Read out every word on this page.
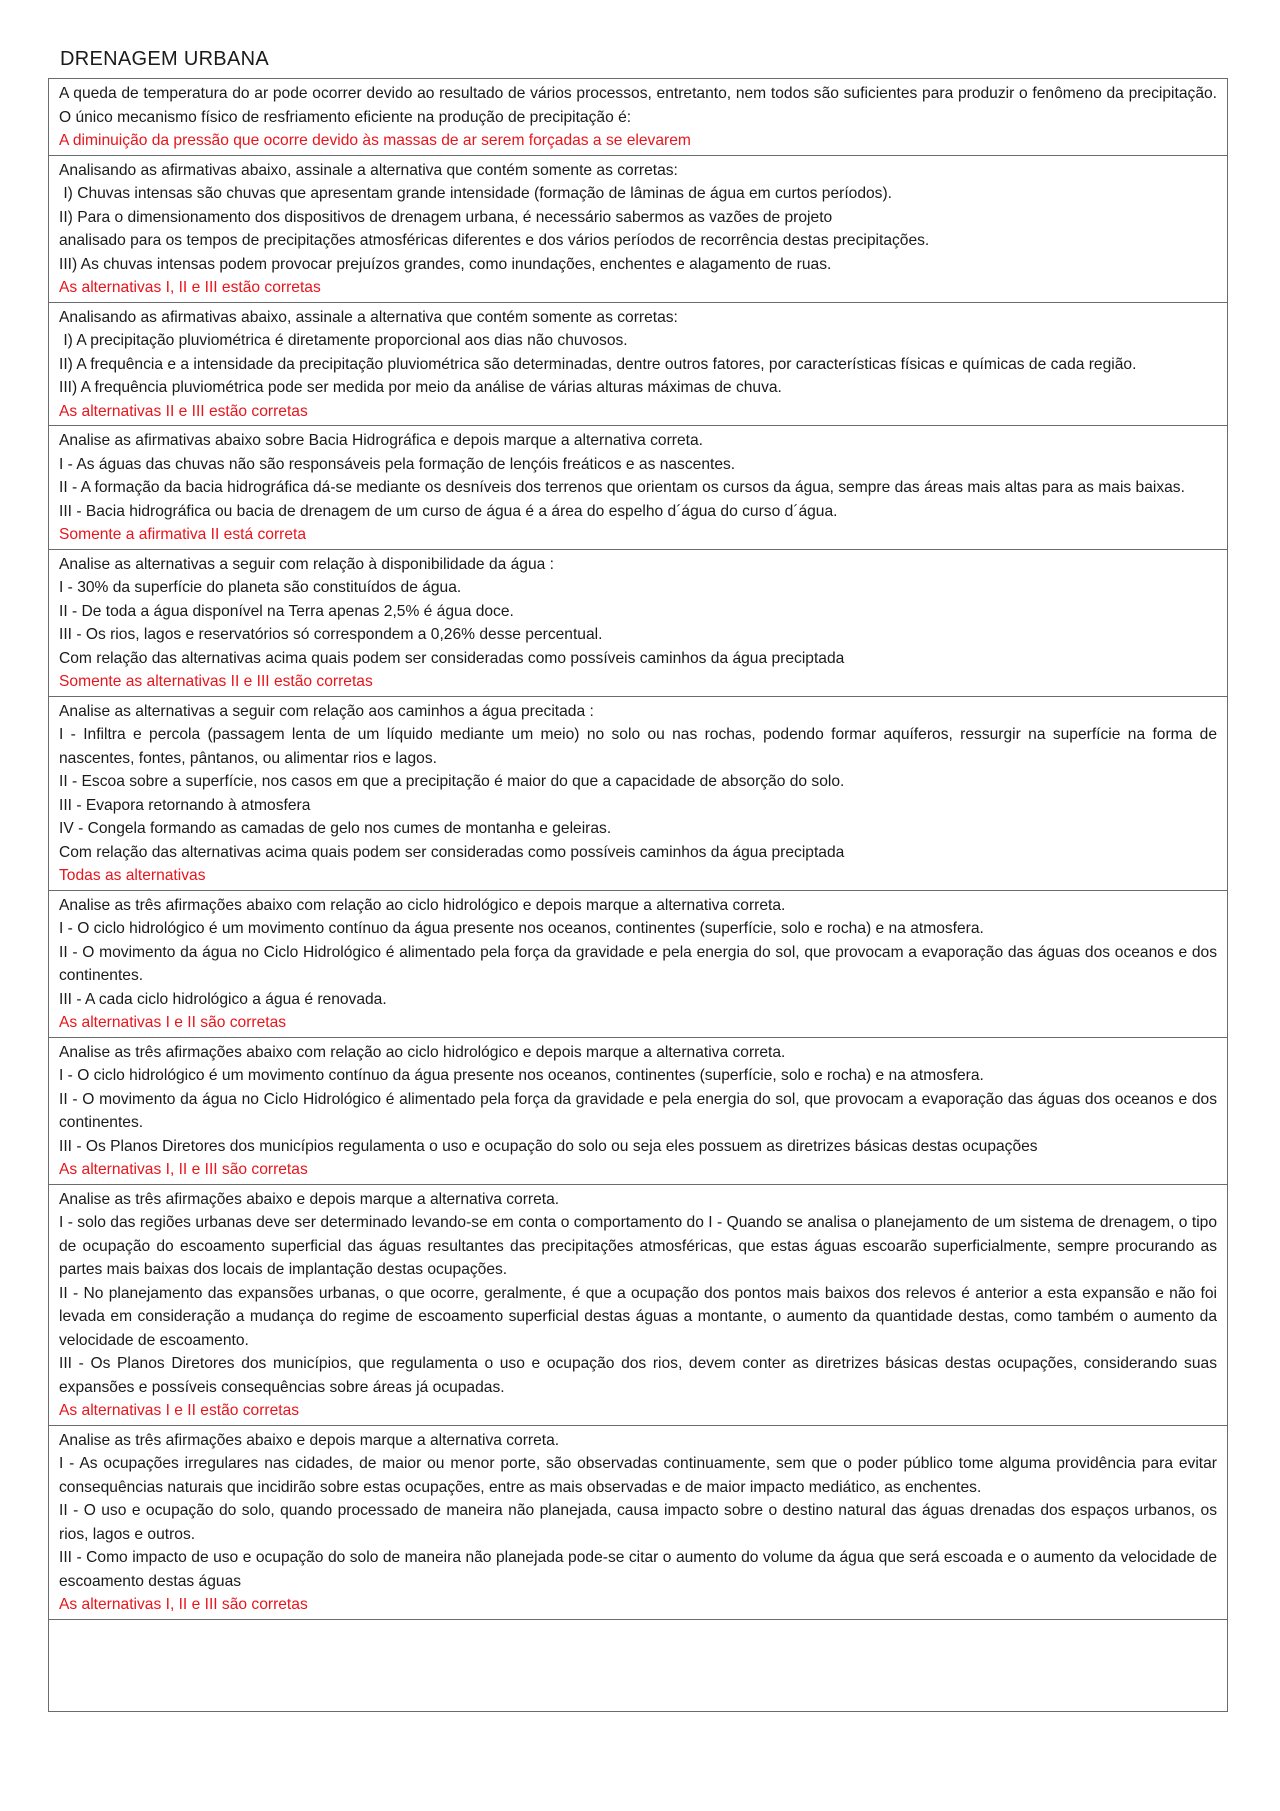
DRENAGEM URBANA
A queda de temperatura do ar pode ocorrer devido ao resultado de vários processos, entretanto, nem todos são suficientes para produzir o fenômeno da precipitação. O único mecanismo físico de resfriamento eficiente na produção de precipitação é:
A diminuição da pressão que ocorre devido às massas de ar serem forçadas a se elevarem
Analisando as afirmativas abaixo, assinale a alternativa que contém somente as corretas:
I) Chuvas intensas são chuvas que apresentam grande intensidade (formação de lâminas de água em curtos períodos).
II) Para o dimensionamento dos dispositivos de drenagem urbana, é necessário sabermos as vazões de projeto
analisado para os tempos de precipitações atmosféricas diferentes e dos vários períodos de recorrência destas precipitações.
III) As chuvas intensas podem provocar prejuízos grandes, como inundações, enchentes e alagamento de ruas.
As alternativas I, II e III estão corretas
Analisando as afirmativas abaixo, assinale a alternativa que contém somente as corretas:
I) A precipitação pluviométrica é diretamente proporcional aos dias não chuvosos.
II) A frequência e a intensidade da precipitação pluviométrica são determinadas, dentre outros fatores, por características físicas e químicas de cada região.
III) A frequência pluviométrica pode ser medida por meio da análise de várias alturas máximas de chuva.
As alternativas II e III estão corretas
Analise as afirmativas abaixo sobre Bacia Hidrográfica e depois marque a alternativa correta.
I - As águas das chuvas não são responsáveis pela formação de lençóis freáticos e as nascentes.
II - A formação da bacia hidrográfica dá-se mediante os desníveis dos terrenos que orientam os cursos da água, sempre das áreas mais altas para as mais baixas.
III - Bacia hidrográfica ou bacia de drenagem de um curso de água é a área do espelho d´água do curso d´água.
Somente a afirmativa II está correta
Analise as alternativas a seguir com relação à disponibilidade da água :
I - 30% da superfície do planeta são constituídos de água.
II - De toda a água disponível na Terra apenas 2,5% é água doce.
III - Os rios, lagos e reservatórios só correspondem a 0,26% desse percentual.
Com relação das alternativas acima quais podem ser consideradas como possíveis caminhos da água preciptada
Somente as alternativas II e III estão corretas
Analise as alternativas a seguir com relação aos caminhos a água precitada :
I - Infiltra e percola (passagem lenta de um líquido mediante um meio) no solo ou nas rochas, podendo formar aquíferos, ressurgir na superfície na forma de nascentes, fontes, pântanos, ou alimentar rios e lagos.
II - Escoa sobre a superfície, nos casos em que a precipitação é maior do que a capacidade de absorção do solo.
III - Evapora retornando à atmosfera
IV - Congela formando as camadas de gelo nos cumes de montanha e geleiras.
Com relação das alternativas acima quais podem ser consideradas como possíveis caminhos da água preciptada
Todas as alternativas
Analise as três afirmações abaixo com relação ao ciclo hidrológico e depois marque a alternativa correta.
I - O ciclo hidrológico é um movimento contínuo da água presente nos oceanos, continentes (superfície, solo e rocha) e na atmosfera.
II - O movimento da água no Ciclo Hidrológico é alimentado pela força da gravidade e pela energia do sol, que provocam a evaporação das águas dos oceanos e dos continentes.
III - A cada ciclo hidrológico a água é renovada.
As alternativas I e II são corretas
Analise as três afirmações abaixo com relação ao ciclo hidrológico e depois marque a alternativa correta.
I - O ciclo hidrológico é um movimento contínuo da água presente nos oceanos, continentes (superfície, solo e rocha) e na atmosfera.
II - O movimento da água no Ciclo Hidrológico é alimentado pela força da gravidade e pela energia do sol, que provocam a evaporação das águas dos oceanos e dos continentes.
III - Os Planos Diretores dos municípios regulamenta o uso e ocupação do solo ou seja eles possuem as diretrizes básicas destas ocupações
As alternativas I, II e III são corretas
Analise as três afirmações abaixo e depois marque a alternativa correta.
I - solo das regiões urbanas deve ser determinado levando-se em conta o comportamento do I - Quando se analisa o planejamento de um sistema de drenagem, o tipo de ocupação do escoamento superficial das águas resultantes das precipitações atmosféricas, que estas águas escoarão superficialmente, sempre procurando as partes mais baixas dos locais de implantação destas ocupações.
II - No planejamento das expansões urbanas, o que ocorre, geralmente, é que a ocupação dos pontos mais baixos dos relevos é anterior a esta expansão e não foi levada em consideração a mudança do regime de escoamento superficial destas águas a montante, o aumento da quantidade destas, como também o aumento da velocidade de escoamento.
III - Os Planos Diretores dos municípios, que regulamenta o uso e ocupação dos rios, devem conter as diretrizes básicas destas ocupações, considerando suas expansões e possíveis consequências sobre áreas já ocupadas.
As alternativas I e II estão corretas
Analise as três afirmações abaixo e depois marque a alternativa correta.
I - As ocupações irregulares nas cidades, de maior ou menor porte, são observadas continuamente, sem que o poder público tome alguma providência para evitar consequências naturais que incidirão sobre estas ocupações, entre as mais observadas e de maior impacto mediático, as enchentes.
II - O uso e ocupação do solo, quando processado de maneira não planejada, causa impacto sobre o destino natural das águas drenadas dos espaços urbanos, os rios, lagos e outros.
III - Como impacto de uso e ocupação do solo de maneira não planejada pode-se citar o aumento do volume da água que será escoada e o aumento da velocidade de escoamento destas águas
As alternativas I, II e III são corretas
